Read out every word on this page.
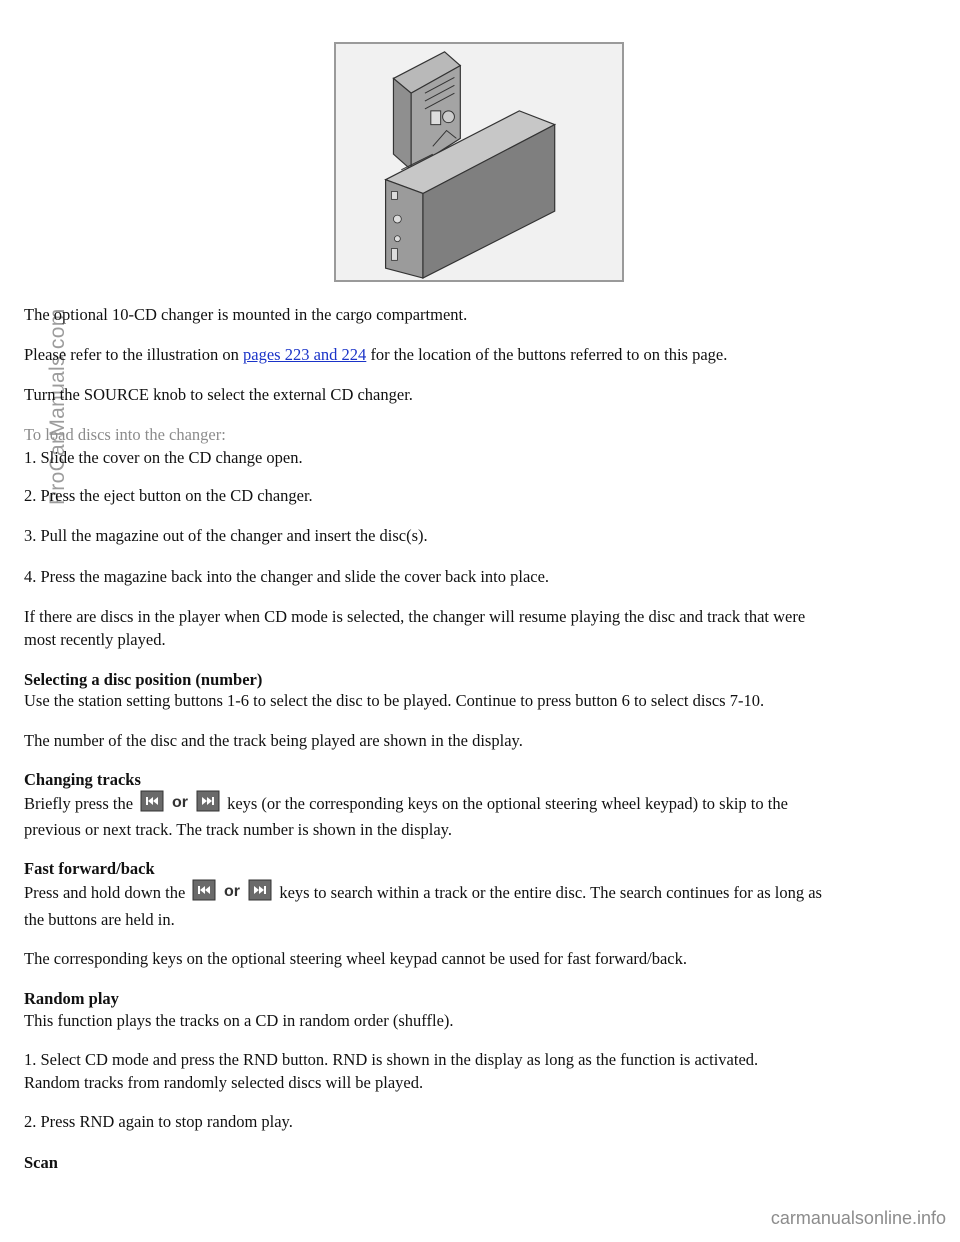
ProCarManuals.com

The optional 10-CD changer is mounted in the cargo compartment.

Please refer to the illustration on pages 223 and 224 for the location of the buttons referred to on this page.

Turn the SOURCE knob to select the external CD changer.

To load discs into the changer:

1. Slide the cover on the CD change open.

2. Press the eject button on the CD changer.

3. Pull the magazine out of the changer and insert the disc(s).

4. Press the magazine back into the changer and slide the cover back into place.

If there are discs in the player when CD mode is selected, the changer will resume playing the disc and track that were

most recently played.

Selecting a disc position (number)

Use the station setting buttons 1-6 to select the disc to be played. Continue to press button 6 to select discs 7-10.

The number of the disc and the track being played are shown in the display.

Changing tracks

Briefly press the or keys (or the corresponding keys on the optional steering wheel keypad) to skip to the

previous or next track. The track number is shown in the display.

Fast forward/back

Press and hold down the or keys to search within a track or the entire disc. The search continues for as long as

the buttons are held in.

The corresponding keys on the optional steering wheel keypad cannot be used for fast forward/back.

Random play

This function plays the tracks on a CD in random order (shuffle).

1. Select CD mode and press the RND button. RND is shown in the display as long as the function is activated.

Random tracks from randomly selected discs will be played.

2. Press RND again to stop random play.

Scan

carmanualsonline.info
